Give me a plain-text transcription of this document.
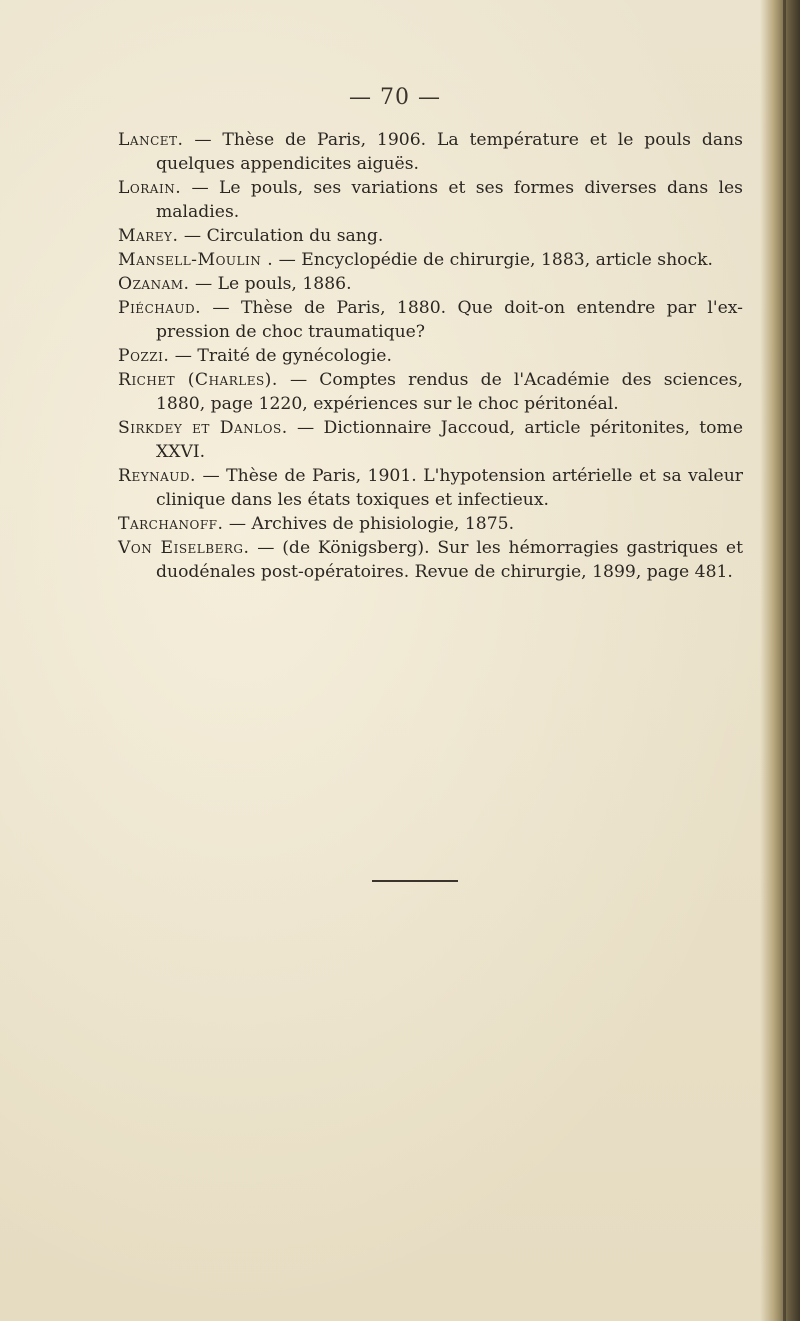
— 70 —

Lancet. — Thèse de Paris, 1906. La température et le pouls dans quelques appendicites aiguës.

Lorain. — Le pouls, ses variations et ses formes diverses dans les maladies.

Marey. — Circulation du sang.

Mansell-Moulin . — Encyclopédie de chirurgie, 1883, article shock.

Ozanam. — Le pouls, 1886.

Piéchaud. — Thèse de Paris, 1880. Que doit-on entendre par l'ex-pression de choc traumatique?

Pozzi. — Traité de gynécologie.

Richet (Charles). — Comptes rendus de l'Académie des sciences, 1880, page 1220, expériences sur le choc péritonéal.

Sirkdey et Danlos. — Dictionnaire Jaccoud, article péritonites, tome XXVI.

Reynaud. — Thèse de Paris, 1901. L'hypotension artérielle et sa valeur clinique dans les états toxiques et infectieux.

Tarchanoff. — Archives de phisiologie, 1875.

Von Eiselberg. — (de Königsberg). Sur les hémorragies gastriques et duodénales post-opératoires. Revue de chirurgie, 1899, page 481.
